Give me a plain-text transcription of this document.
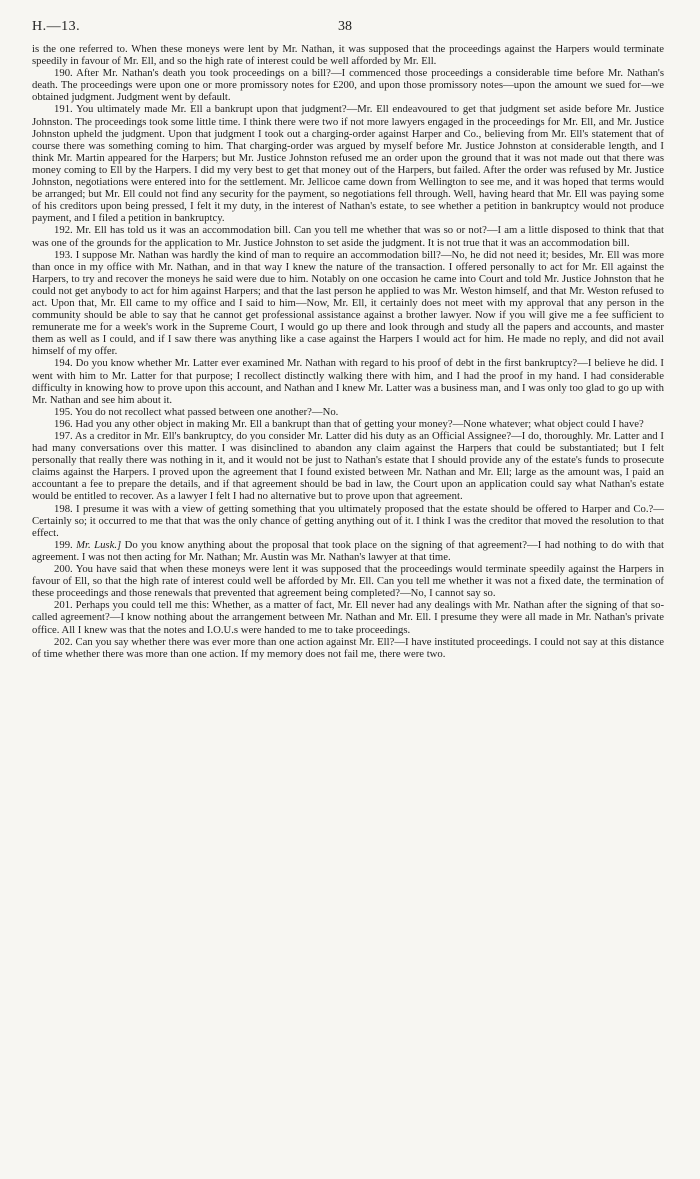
H.—13.	38

is the one referred to. When these moneys were lent by Mr. Nathan, it was supposed that the proceedings against the Harpers would terminate speedily in favour of Mr. Ell, and so the high rate of interest could be well afforded by Mr. Ell.

190. After Mr. Nathan's death you took proceedings on a bill?—I commenced those proceedings a considerable time before Mr. Nathan's death. The proceedings were upon one or more promissory notes for £200, and upon those promissory notes—upon the amount we sued for—we obtained judgment. Judgment went by default.

191. You ultimately made Mr. Ell a bankrupt upon that judgment?—Mr. Ell endeavoured to get that judgment set aside before Mr. Justice Johnston. The proceedings took some little time. I think there were two if not more lawyers engaged in the proceedings for Mr. Ell, and Mr. Justice Johnston upheld the judgment. Upon that judgment I took out a charging-order against Harper and Co., believing from Mr. Ell's statement that of course there was something coming to him. That charging-order was argued by myself before Mr. Justice Johnston at considerable length, and I think Mr. Martin appeared for the Harpers; but Mr. Justice Johnston refused me an order upon the ground that it was not made out that there was money coming to Ell by the Harpers. I did my very best to get that money out of the Harpers, but failed. After the order was refused by Mr. Justice Johnston, negotiations were entered into for the settlement. Mr. Jellicoe came down from Wellington to see me, and it was hoped that terms would be arranged; but Mr. Ell could not find any security for the payment, so negotiations fell through. Well, having heard that Mr. Ell was paying some of his creditors upon being pressed, I felt it my duty, in the interest of Nathan's estate, to see whether a petition in bankruptcy would not produce payment, and I filed a petition in bankruptcy.

192. Mr. Ell has told us it was an accommodation bill. Can you tell me whether that was so or not?—I am a little disposed to think that that was one of the grounds for the application to Mr. Justice Johnston to set aside the judgment. It is not true that it was an accommodation bill.

193. I suppose Mr. Nathan was hardly the kind of man to require an accommodation bill?—No, he did not need it; besides, Mr. Ell was more than once in my office with Mr. Nathan, and in that way I knew the nature of the transaction. I offered personally to act for Mr. Ell against the Harpers, to try and recover the moneys he said were due to him. Notably on one occasion he came into Court and told Mr. Justice Johnston that he could not get anybody to act for him against Harpers; and that the last person he applied to was Mr. Weston himself, and that Mr. Weston refused to act. Upon that, Mr. Ell came to my office and I said to him—Now, Mr. Ell, it certainly does not meet with my approval that any person in the community should be able to say that he cannot get professional assistance against a brother lawyer. Now if you will give me a fee sufficient to remunerate me for a week's work in the Supreme Court, I would go up there and look through and study all the papers and accounts, and master them as well as I could, and if I saw there was anything like a case against the Harpers I would act for him. He made no reply, and did not avail himself of my offer.

194. Do you know whether Mr. Latter ever examined Mr. Nathan with regard to his proof of debt in the first bankruptcy?—I believe he did. I went with him to Mr. Latter for that purpose; I recollect distinctly walking there with him, and I had the proof in my hand. I had considerable difficulty in knowing how to prove upon this account, and Nathan and I knew Mr. Latter was a business man, and I was only too glad to go up with Mr. Nathan and see him about it.

195. You do not recollect what passed between one another?—No.

196. Had you any other object in making Mr. Ell a bankrupt than that of getting your money?—None whatever; what object could I have?

197. As a creditor in Mr. Ell's bankruptcy, do you consider Mr. Latter did his duty as an Official Assignee?—I do, thoroughly. Mr. Latter and I had many conversations over this matter. I was disinclined to abandon any claim against the Harpers that could be substantiated; but I felt personally that really there was nothing in it, and it would not be just to Nathan's estate that I should provide any of the estate's funds to prosecute claims against the Harpers. I proved upon the agreement that I found existed between Mr. Nathan and Mr. Ell; large as the amount was, I paid an accountant a fee to prepare the details, and if that agreement should be bad in law, the Court upon an application could say what Nathan's estate would be entitled to recover. As a lawyer I felt I had no alternative but to prove upon that agreement.

198. I presume it was with a view of getting something that you ultimately proposed that the estate should be offered to Harper and Co.?—Certainly so; it occurred to me that that was the only chance of getting anything out of it. I think I was the creditor that moved the resolution to that effect.

199. Mr. Lusk.] Do you know anything about the proposal that took place on the signing of that agreement?—I had nothing to do with that agreement. I was not then acting for Mr. Nathan; Mr. Austin was Mr. Nathan's lawyer at that time.

200. You have said that when these moneys were lent it was supposed that the proceedings would terminate speedily against the Harpers in favour of Ell, so that the high rate of interest could well be afforded by Mr. Ell. Can you tell me whether it was not a fixed date, the termination of these proceedings and those renewals that prevented that agreement being completed?—No, I cannot say so.

201. Perhaps you could tell me this: Whether, as a matter of fact, Mr. Ell never had any dealings with Mr. Nathan after the signing of that so-called agreement?—I know nothing about the arrangement between Mr. Nathan and Mr. Ell. I presume they were all made in Mr. Nathan's private office. All I knew was that the notes and I.O.U.s were handed to me to take proceedings.

202. Can you say whether there was ever more than one action against Mr. Ell?—I have instituted proceedings. I could not say at this distance of time whether there was more than one action. If my memory does not fail me, there were two.
